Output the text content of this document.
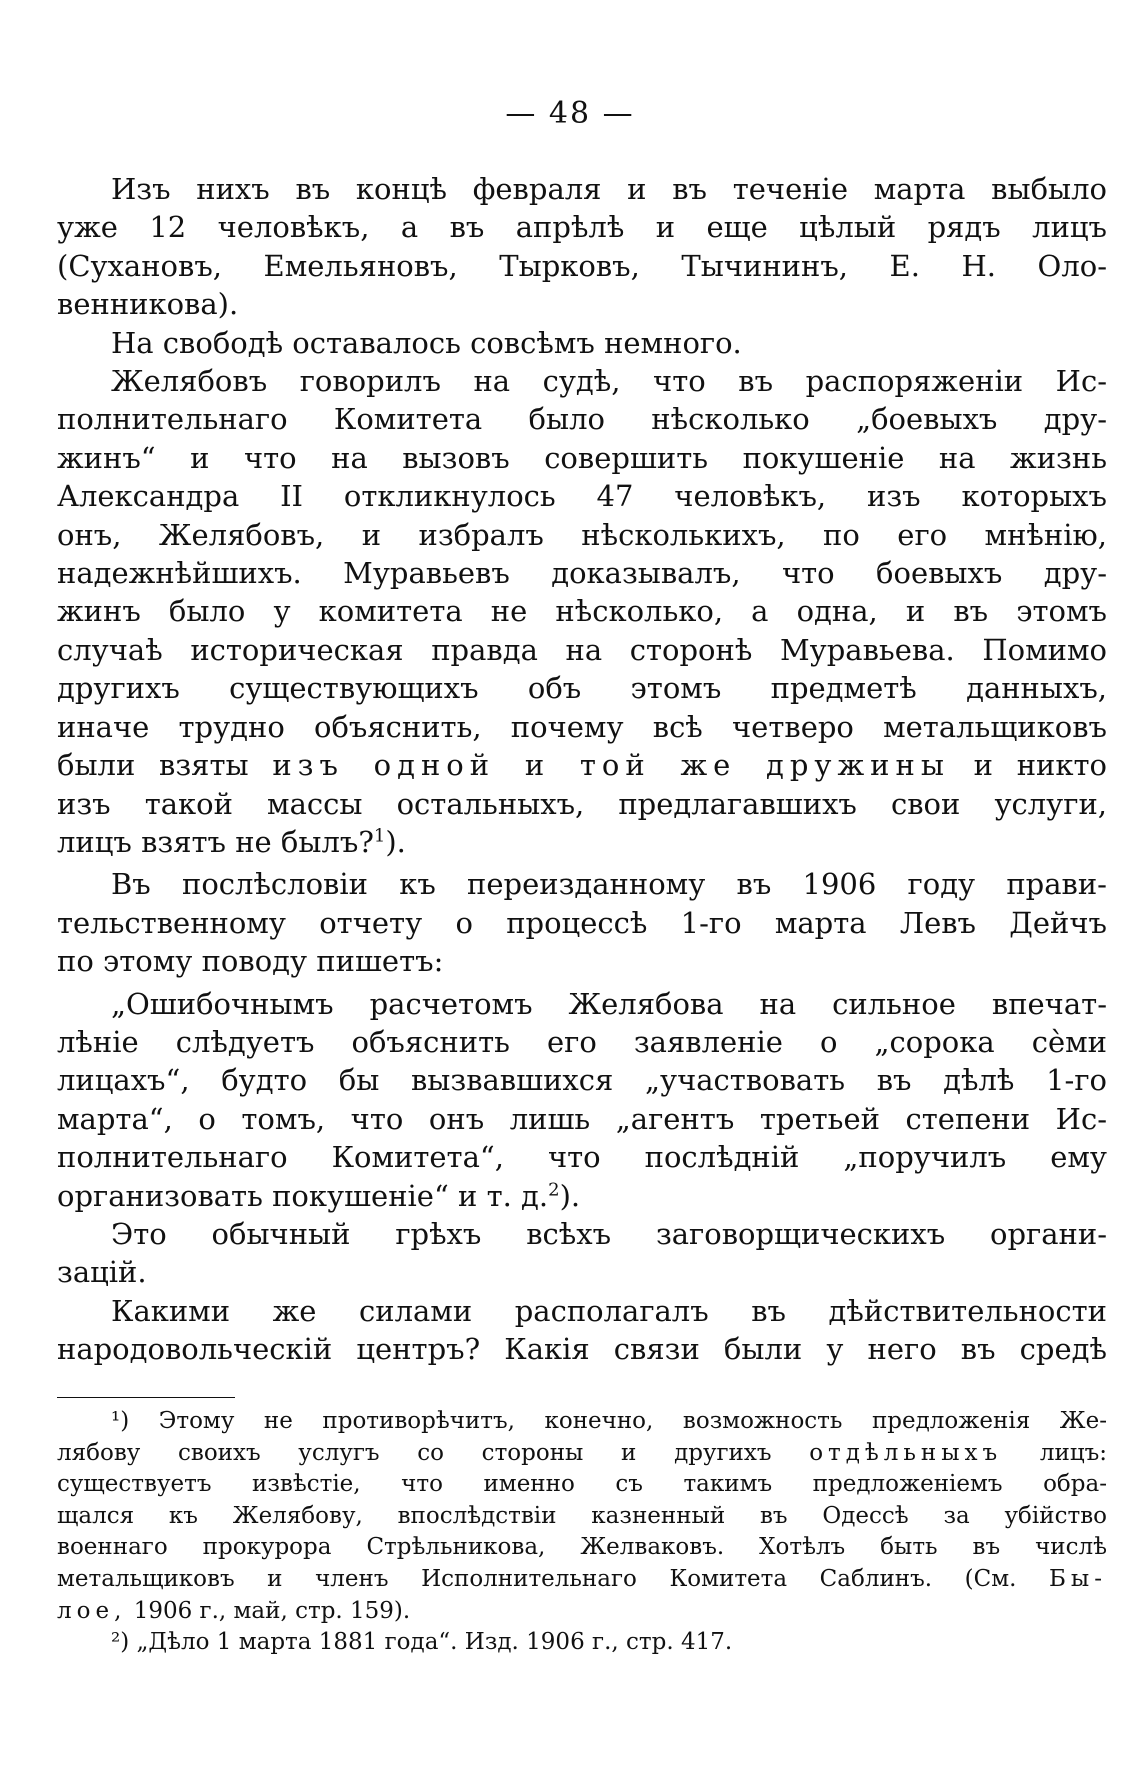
— 48 —
Изъ нихъ въ концѣ февраля и въ теченіе марта выбыло
уже 12 человѣкъ, а въ апрѣлѣ и еще цѣлый рядъ лицъ
(Сухановъ, Емельяновъ, Тырковъ, Тычининъ, Е. Н. Оло-
венникова).
На свободѣ оставалось совсѣмъ немного.
Желябовъ говорилъ на судѣ, что въ распоряженіи Ис-
полнительнаго Комитета было нѣсколько „боевыхъ дру-
жинъ“ и что на вызовъ совершить покушеніе на жизнь
Александра II откликнулось 47 человѣкъ, изъ которыхъ
онъ, Желябовъ, и избралъ нѣсколькихъ, по его мнѣнію,
надежнѣйшихъ. Муравьевъ доказывалъ, что боевыхъ дру-
жинъ было у комитета не нѣсколько, а одна, и въ этомъ
случаѣ историческая правда на сторонѣ Муравьева. Помимо
другихъ существующихъ объ этомъ предметѣ данныхъ,
иначе трудно объяснить, почему всѣ четверо метальщиковъ
были взяты изъ одной и той же дружины и никто
изъ такой массы остальныхъ, предлагавшихъ свои услуги,
лицъ взятъ не былъ?$^1$).
Въ послѣсловіи къ переизданному въ 1906 году прави-
тельственному отчету о процессѣ 1-го марта Левъ Дейчъ
по этому поводу пишетъ:
„Ошибочнымъ расчетомъ Желябова на сильное впечат-
лѣніе слѣдуетъ объяснить его заявленіе о „сорока сѐми
лицахъ“, будто бы вызвавшихся „участвовать въ дѣлѣ 1-го
марта“, о томъ, что онъ лишь „агентъ третьей степени Ис-
полнительнаго Комитета“, что послѣдній „поручилъ ему
организовать покушеніе“ и т. д.$^2$).
Это обычный грѣхъ всѣхъ заговорщическихъ органи-
зацій.
Какими же силами располагалъ въ дѣйствительности
народовольческій центръ? Какія связи были у него въ средѣ
¹) Этому не противорѣчитъ, конечно, возможность предложенія Же-
лябову своихъ услугъ со стороны и другихъ отдѣльныхъ лицъ:
существуетъ извѣстіе, что именно съ такимъ предложеніемъ обра-
щался къ Желябову, впослѣдствіи казненный въ Одессѣ за убійство
военнаго прокурора Стрѣльникова, Желваковъ. Хотѣлъ быть въ числѣ
метальщиковъ и членъ Исполнительнаго Комитета Саблинъ. (См. Бы-
лое, 1906 г., май, стр. 159).
²) „Дѣло 1 марта 1881 года“. Изд. 1906 г., стр. 417.
